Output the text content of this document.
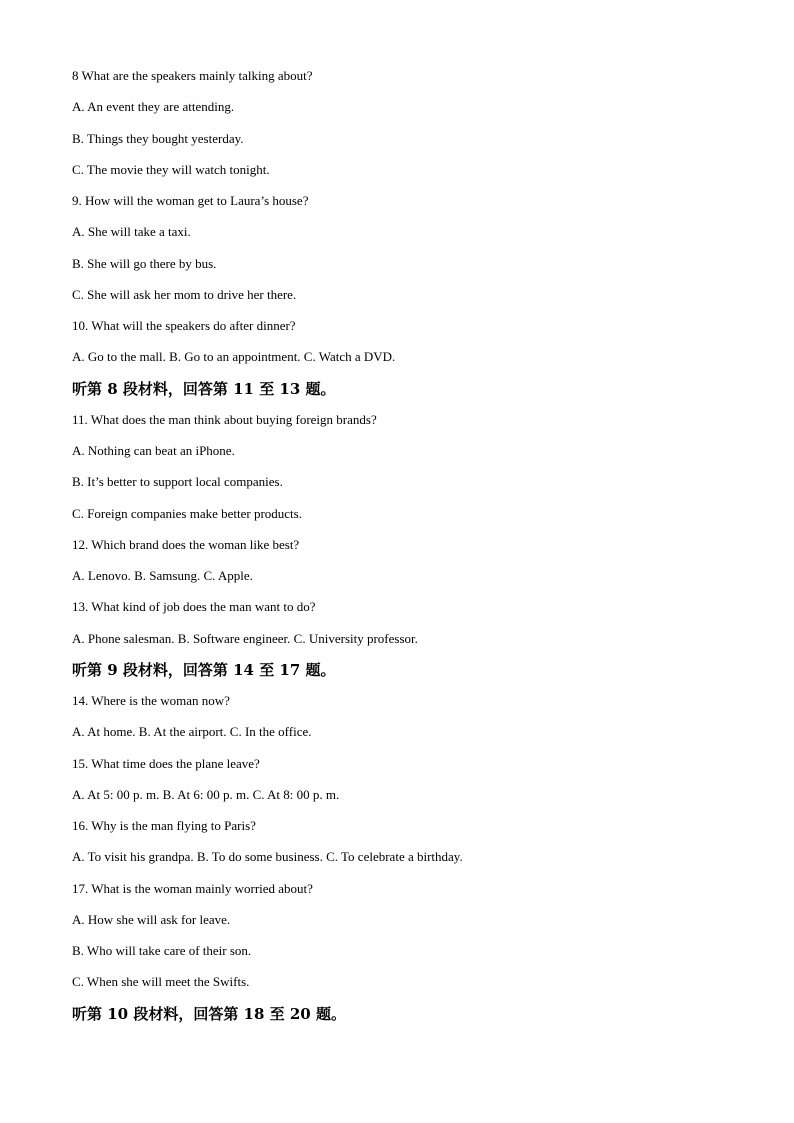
8 What are the speakers mainly talking about?
A. An event they are attending.
B. Things they bought yesterday.
C. The movie they will watch tonight.
9. How will the woman get to Laura’s house?
A. She will take a taxi.
B. She will go there by bus.
C. She will ask her mom to drive her there.
10. What will the speakers do after dinner?
A. Go to the mall. B. Go to an appointment. C. Watch a DVD.
听第 8 段材料，回答第 11 至 13 题。
11. What does the man think about buying foreign brands?
A. Nothing can beat an iPhone.
B. It’s better to support local companies.
C. Foreign companies make better products.
12. Which brand does the woman like best?
A. Lenovo. B. Samsung. C. Apple.
13. What kind of job does the man want to do?
A. Phone salesman. B. Software engineer. C. University professor.
听第 9 段材料，回答第 14 至 17 题。
14. Where is the woman now?
A. At home. B. At the airport. C. In the office.
15. What time does the plane leave?
A. At 5: 00 p. m. B. At 6: 00 p. m. C. At 8: 00 p. m.
16. Why is the man flying to Paris?
A. To visit his grandpa. B. To do some business. C. To celebrate a birthday.
17. What is the woman mainly worried about?
A. How she will ask for leave.
B. Who will take care of their son.
C. When she will meet the Swifts.
听第 10 段材料，回答第 18 至 20 题。
